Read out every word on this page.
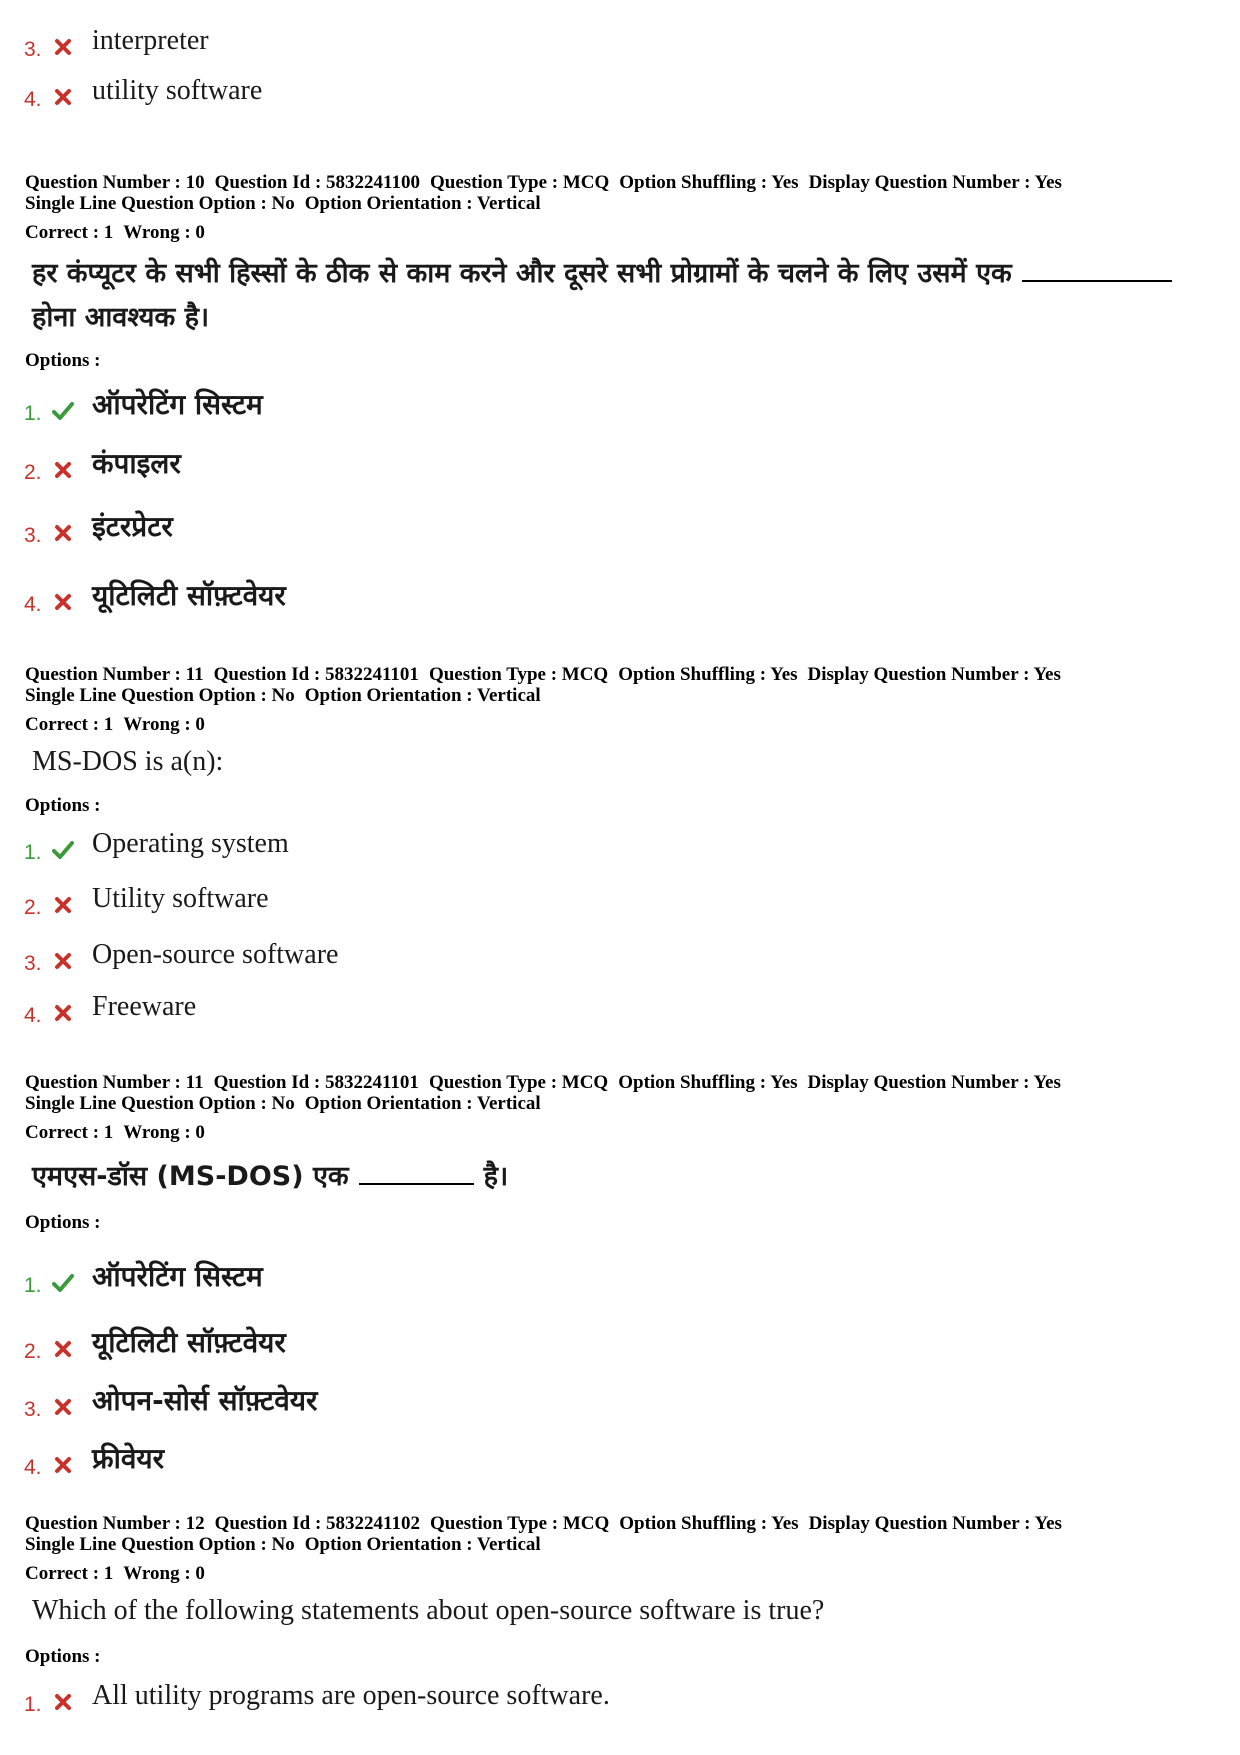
3. interpreter
4. utility software
Question Number : 10 Question Id : 5832241100 Question Type : MCQ Option Shuffling : Yes Display Question Number : Yes
Single Line Question Option : No Option Orientation : Vertical
Correct : 1 Wrong : 0
हर कंप्यूटर के सभी हिस्सों के ठीक से काम करने और दूसरे सभी प्रोग्रामों के चलने के लिए उसमें एकहोना आवश्यक है।
Options :
1. ऑपरेटिंग सिस्टम
2. कंपाइलर
3. इंटरप्रेटर
4. यूटिलिटी सॉफ़्टवेयर
Question Number : 11 Question Id : 5832241101 Question Type : MCQ Option Shuffling : Yes Display Question Number : Yes
Single Line Question Option : No Option Orientation : Vertical
Correct : 1 Wrong : 0
MS-DOS is a(n):
Options :
1. Operating system
2. Utility software
3. Open-source software
4. Freeware
Question Number : 11 Question Id : 5832241101 Question Type : MCQ Option Shuffling : Yes Display Question Number : Yes
Single Line Question Option : No Option Orientation : Vertical
Correct : 1 Wrong : 0
एमएस-डॉस (MS-DOS) एक	है।
Options :
1. ऑपरेटिंग सिस्टम
2. यूटिलिटी सॉफ़्टवेयर
3. ओपन-सोर्स सॉफ़्टवेयर
4. फ्रीवेयर
Question Number : 12 Question Id : 5832241102 Question Type : MCQ Option Shuffling : Yes Display Question Number : Yes
Single Line Question Option : No Option Orientation : Vertical
Correct : 1 Wrong : 0
Which of the following statements about open-source software is true?
Options :
1. All utility programs are open-source software.
